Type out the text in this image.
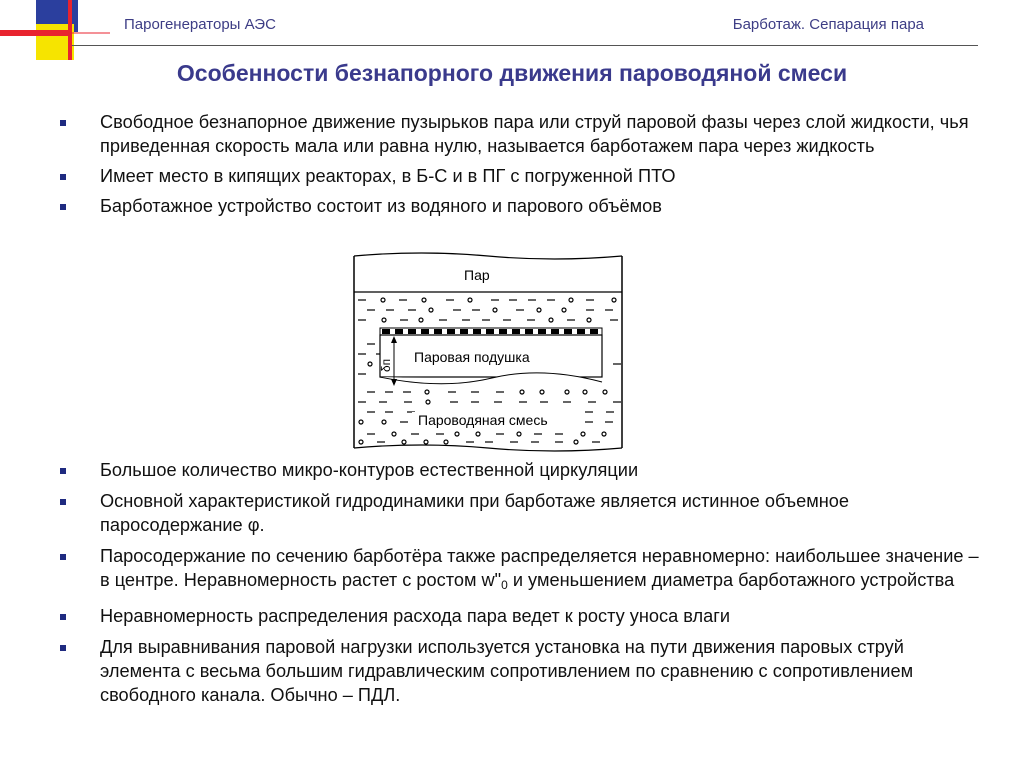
Парогенераторы АЭС	Барботаж. Сепарация пара
Особенности безнапорного движения пароводяной смеси
Свободное безнапорное движение пузырьков пара или струй паровой фазы через слой жидкости, чья приведенная скорость мала или равна нулю, называется барботажем пара через жидкость
Имеет место в кипящих реакторах, в Б-С и в ПГ с погруженной ПТО
Барботажное устройство состоит из водяного и парового объёмов
δп
Пар
Паровая подушка
Пароводяная смесь
Большое количество микро-контуров естественной циркуляции
Основной характеристикой гидродинамики при барботаже является истинное объемное паросодержание φ.
Паросодержание по сечению барботёра также распределяется неравномерно: наибольшее значение – в центре. Неравномерность растет с ростом $w"_0$ и уменьшением диаметра барботажного устройства
Неравномерность распределения расхода пара ведет к росту уноса влаги
Для выравнивания паровой нагрузки используется установка на пути движения паровых струй элемента с весьма большим гидравлическим сопротивлением по сравнению с сопротивлением свободного канала. Обычно – ПДЛ.
